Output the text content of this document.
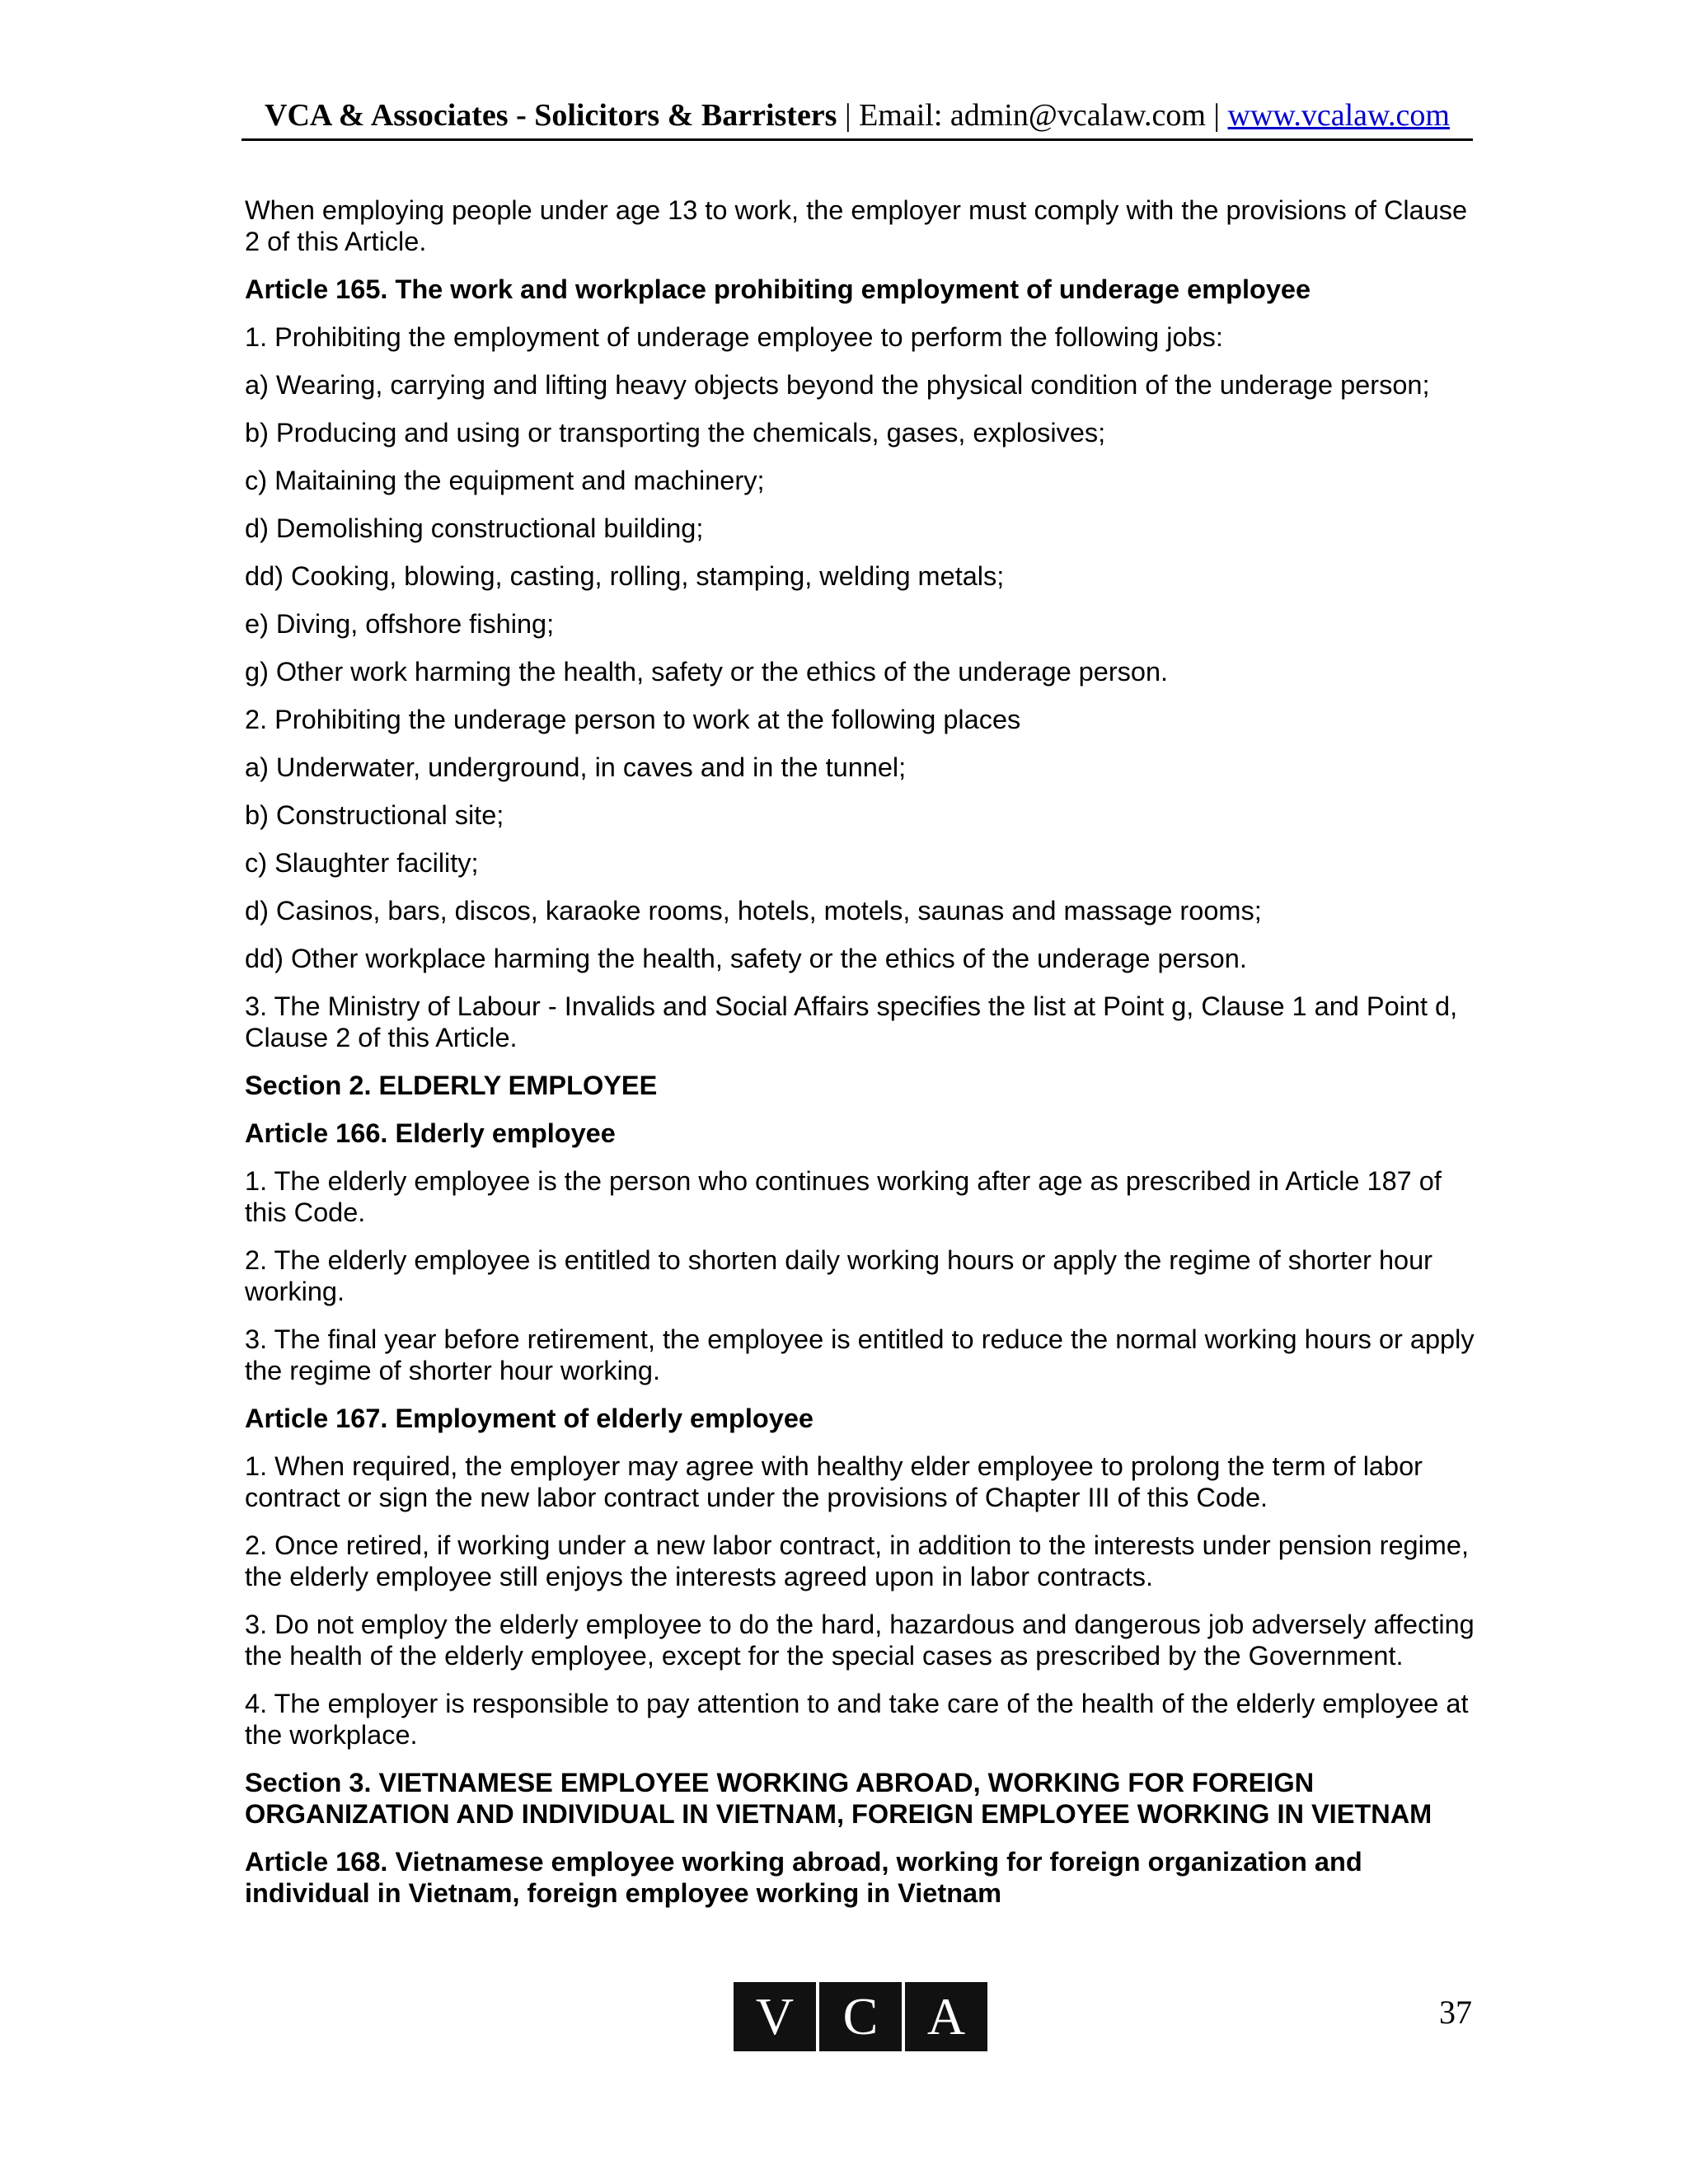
VCA & Associates - Solicitors & Barristers | Email: admin@vcalaw.com | www.vcalaw.com

When employing people under age 13 to work, the employer must comply with the provisions of Clause 2 of this Article.

Article 165. The work and workplace prohibiting employment of underage employee

1. Prohibiting the employment of underage employee to perform the following jobs:

a) Wearing, carrying and lifting heavy objects beyond the physical condition of the underage person;

b) Producing and using or transporting the chemicals, gases, explosives;

c) Maitaining the equipment and machinery;

d) Demolishing constructional building;

dd) Cooking, blowing, casting, rolling, stamping, welding metals;

e) Diving, offshore fishing;

g) Other work harming the health, safety or the ethics of the underage person.

2. Prohibiting the underage person to work at the following places

a) Underwater, underground, in caves and in the tunnel;

b) Constructional site;

c) Slaughter facility;

d) Casinos, bars, discos, karaoke rooms, hotels, motels, saunas and massage rooms;

dd) Other workplace harming the health, safety or the ethics of the underage person.

3. The Ministry of Labour - Invalids and Social Affairs specifies the list at Point g, Clause 1 and Point d, Clause 2 of this Article.

Section 2. ELDERLY EMPLOYEE

Article 166. Elderly employee

1. The elderly employee is the person who continues working after age as prescribed in Article 187 of this Code.

2. The elderly employee is entitled to shorten daily working hours or apply the regime of shorter hour working.

3. The final year before retirement, the employee is entitled to reduce the normal working hours or apply the regime of shorter hour working.

Article 167. Employment of elderly employee

1. When required, the employer may agree with healthy elder employee to prolong the term of labor contract or sign the new labor contract under the provisions of Chapter III of this Code.

2. Once retired, if working under a new labor contract, in addition to the interests under pension regime, the elderly employee still enjoys the interests agreed upon in labor contracts.

3. Do not employ the elderly employee to do the hard, hazardous and dangerous job adversely affecting the health of the elderly employee, except for the special cases as prescribed by the Government.

4. The employer is responsible to pay attention to and take care of the health of the elderly employee at the workplace.

Section 3. VIETNAMESE EMPLOYEE WORKING ABROAD, WORKING FOR FOREIGN ORGANIZATION AND INDIVIDUAL IN VIETNAM, FOREIGN EMPLOYEE WORKING IN VIETNAM

Article 168. Vietnamese employee working abroad, working for foreign organization and individual in Vietnam, foreign employee working in Vietnam

V C A	37
